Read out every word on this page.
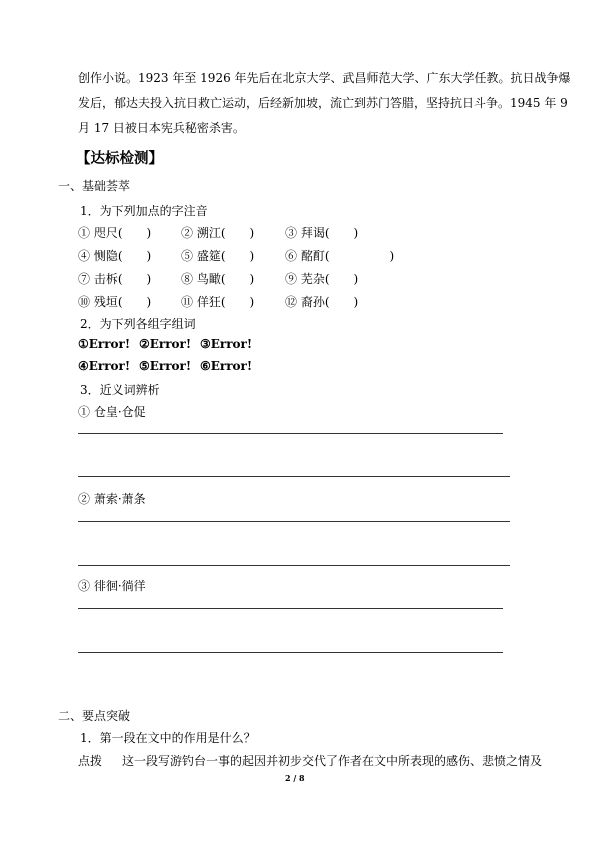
创作小说。1923 年至 1926 年先后在北京大学、武昌师范大学、广东大学任教。抗日战争爆
发后，郁达夫投入抗日救亡运动，后经新加坡，流亡到苏门答腊，坚持抗日斗争。1945 年 9
月 17 日被日本宪兵秘密杀害。
【达标检测】
一、基础荟萃
1．为下列加点的字注音
① 咫尺(　　) ② 溯江(　　)	③ 拜谒(　　)
④ 恻隐(　　) ⑤ 盛筵(　　)	⑥ 酩酊(　　　　　)
⑦ 击柝(　　) ⑧ 鸟瞰(　　)	⑨ 芜杂(　　)
⑩ 残垣(　　) ⑪ 佯狂(　　)	⑫ 裔孙(　　)
2．为下列各组字组词
①Error! ②Error! ③Error!
④Error! ⑤Error! ⑥Error!
3．近义词辨析
① 仓皇·仓促
② 萧索·萧条
③ 徘徊·徜徉
二、要点突破
1．第一段在文中的作用是什么？
点拨 这一段写游钓台一事的起因并初步交代了作者在文中所表现的感伤、悲愤之情及
2 / 8
